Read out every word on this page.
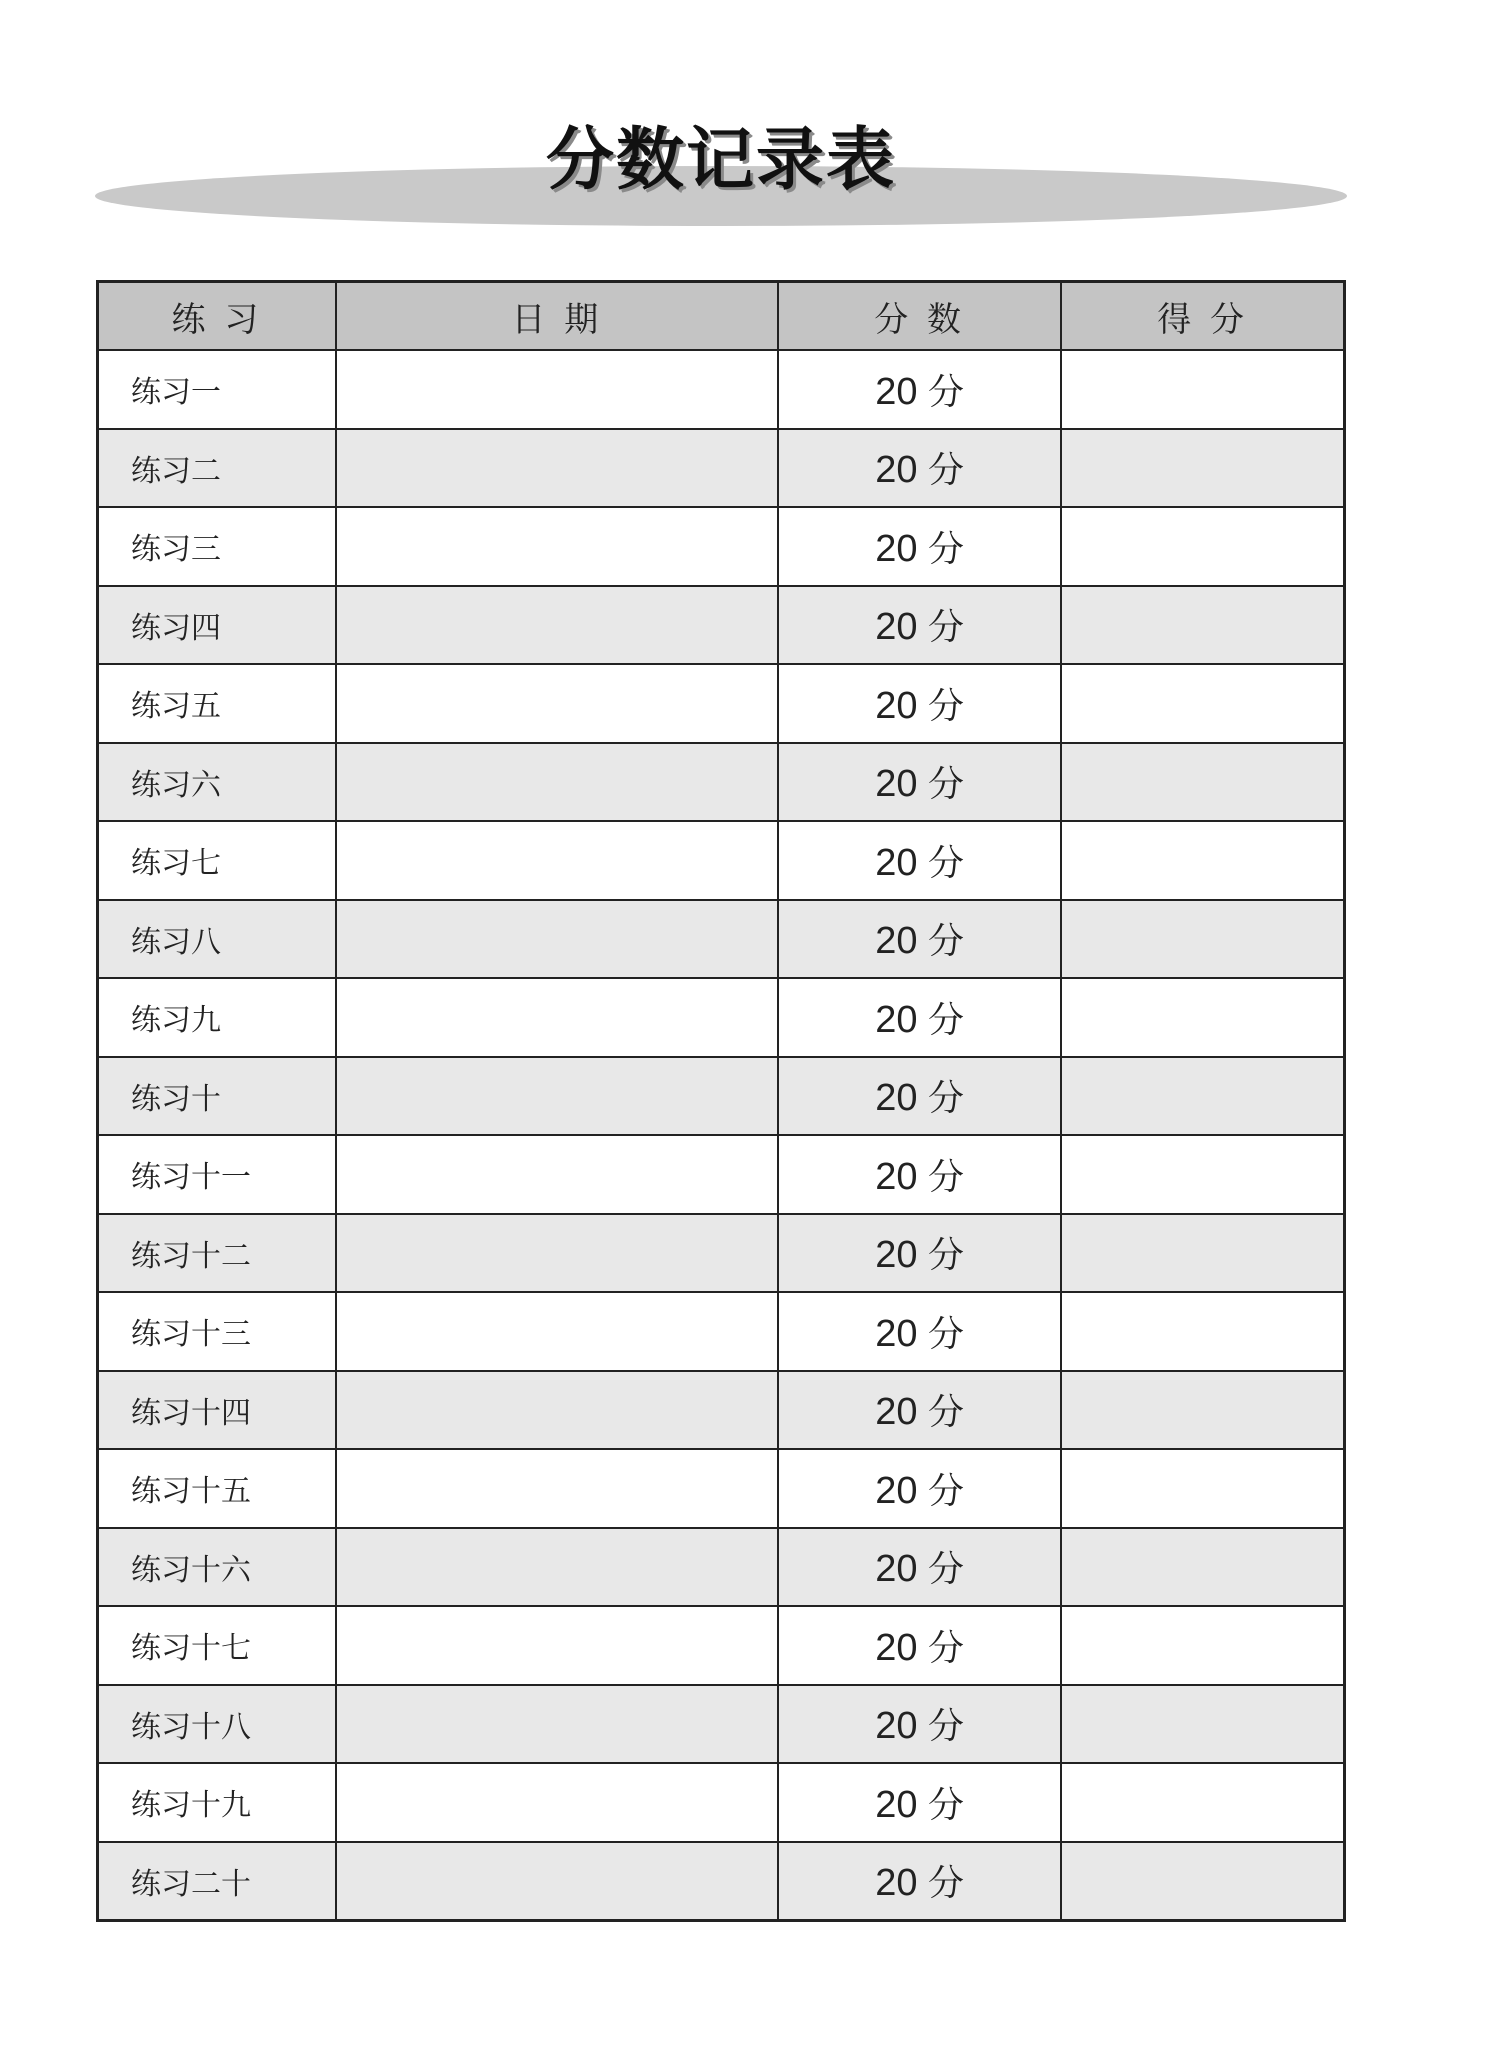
分数记录表
练 习	日 期	分 数	得 分
练习一		20 分	
练习二		20 分	
练习三		20 分	
练习四		20 分	
练习五		20 分	
练习六		20 分	
练习七		20 分	
练习八		20 分	
练习九		20 分	
练习十		20 分	
练习十一		20 分	
练习十二		20 分	
练习十三		20 分	
练习十四		20 分	
练习十五		20 分	
练习十六		20 分	
练习十七		20 分	
练习十八		20 分	
练习十九		20 分	
练习二十		20 分	
